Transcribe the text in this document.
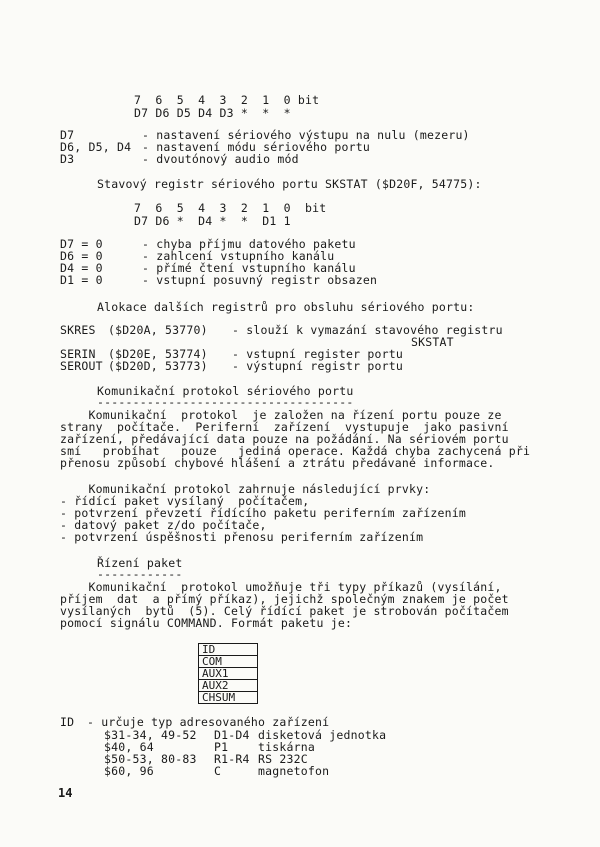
7  6  5  4  3  2  1  0 bit
D7 D6 D5 D4 D3 *  *  *
D7	- nastavení sériového výstupu na nulu (mezeru)
D6, D5, D4 - nastavení módu sériového portu
D3	- dvoutónový audio mód
Stavový registr sériového portu SKSTAT ($D20F, 54775):
7  6  5  4  3  2  1  0  bit
D7 D6 *  D4 *  *  D1 1
D7 = 0	- chyba příjmu datového paketu
D6 = 0	- zahlcení vstupního kanálu
D4 = 0	- přímé čtení vstupního kanálu
D1 = 0	- vstupní posuvný registr obsazen
Alokace dalších registrů pro obsluhu sériového portu:
SKRES ($D20A, 53770) - slouží k vymazání stavového registru
SKSTAT
SERIN ($D20E, 53774) - vstupní register portu
SEROUT ($D20D, 53773) - výstupní registr portu
Komunikační protokol sériového portu
------------------------------------
Komunikační  protokol  je založen na řízení portu pouze ze
strany  počítače.  Periferní  zařízení  vystupuje  jako pasivní
zařízení, předávající data pouze na požádání. Na sériovém portu
smí   probíhat   pouze   jediná operace. Každá chyba zachycená při
přenosu způsobí chybové hlášení a ztrátu předávané informace.
Komunikační protokol zahrnuje následující prvky:
- řídící paket vysílaný  počítačem,
- potvrzení převzetí řídícího paketu periferním zařízením
- datový paket z/do počítače,
- potvrzení úspěšnosti přenosu periferním zařízením
Řízení paket
------------
Komunikační  protokol umožňuje tři typy příkazů (vysílání,
příjem  dat  a přímý příkaz), jejichž společným znakem je počet
vysílaných  bytů  (5). Celý řídící paket je strobován počítačem
pomocí signálu COMMAND. Formát paketu je:
ID
COM
AUX1
AUX2
CHSUM
ID - určuje typ adresovaného zařízení
$31-34, 49-52 D1-D4 disketová jednotka
$40, 64	P1	tiskárna
$50-53, 80-83 R1-R4 RS 232C
$60, 96	C	magnetofon
14
